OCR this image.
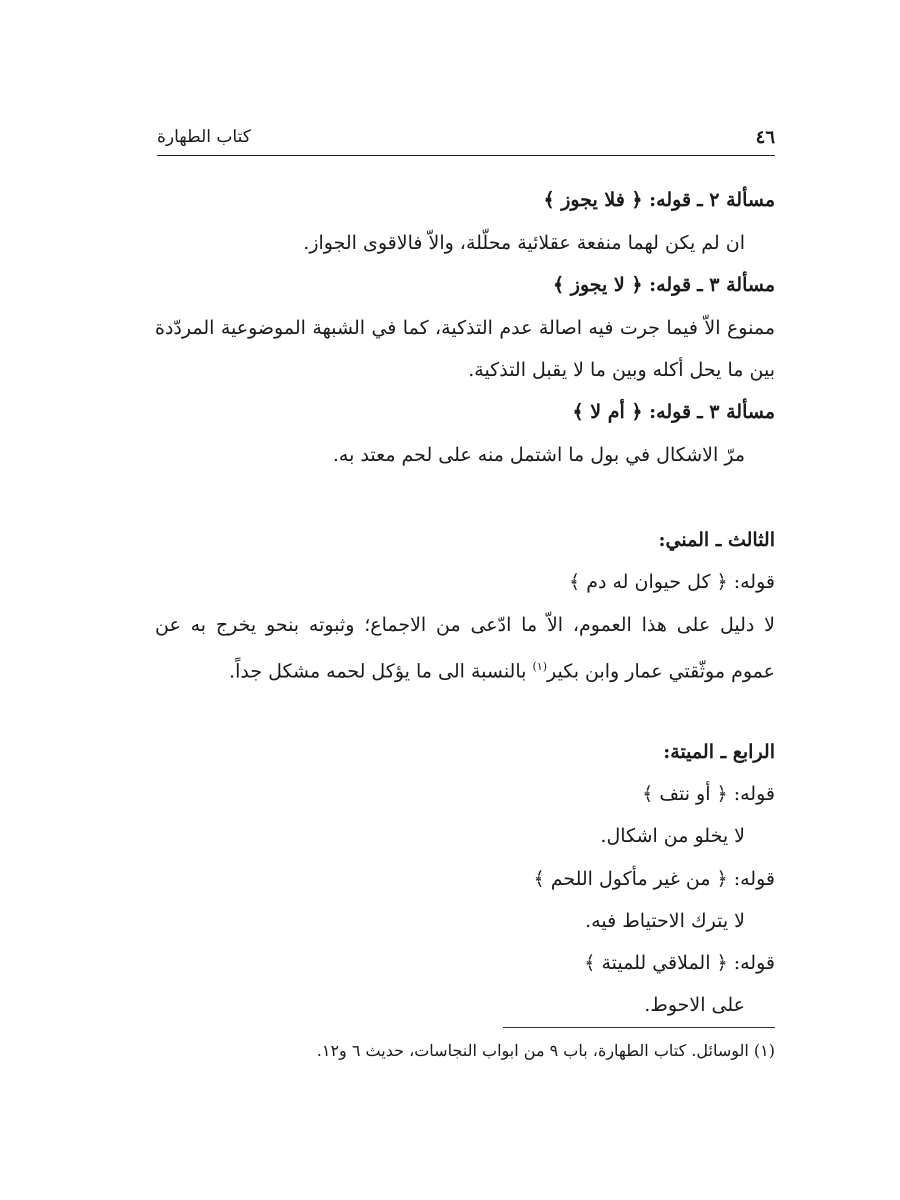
٤٦
كتاب الطهارة
مسألة ٢ ـ قوله: ﴿ فلا يجوز ﴾
ان لم يكن لهما منفعة عقلائية محلّلة، والاّ فالاقوى الجواز.
مسألة ٣ ـ قوله: ﴿ لا يجوز ﴾
ممنوع الاّ فيما جرت فيه اصالة عدم التذكية، كما في الشبهة الموضوعية المردّدة
بين ما يحل أكله وبين ما لا يقبل التذكية.
مسألة ٣ ـ قوله: ﴿ أم لا ﴾
مرّ الاشكال في بول ما اشتمل منه على لحم معتد به.
الثالث ـ المني:
قوله: ﴿ كل حيوان له دم ﴾
لا دليل على هذا العموم، الاّ ما ادّعى من الاجماع؛ وثبوته بنحو يخرج به عن
عموم موثّقتي عمار وابن بكير$^{(١)}$ بالنسبة الى ما يؤكل لحمه مشكل جداً.
الرابع ـ الميتة:
قوله: ﴿ أو نتف ﴾
لا يخلو من اشكال.
قوله: ﴿ من غير مأكول اللحم ﴾
لا يترك الاحتياط فيه.
قوله: ﴿ الملاقي للميتة ﴾
على الاحوط.
(١) الوسائل. كتاب الطهارة، باب ٩ من ابواب النجاسات، حديث ٦ و١٢.
